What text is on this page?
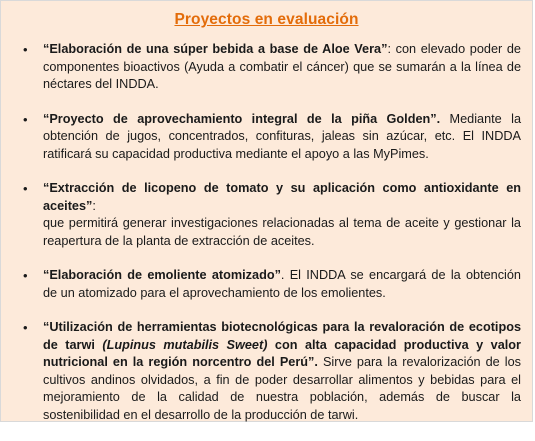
Proyectos en evaluación
• “Elaboración de una súper bebida a base de Aloe Vera”: con elevado poder de componentes bioactivos (Ayuda a combatir el cáncer) que se sumarán a la línea de néctares del INDDA.
• “Proyecto de aprovechamiento integral de la piña Golden”. Mediante la obtención de jugos, concentrados, confituras, jaleas sin azúcar, etc. El INDDA ratificará su capacidad productiva mediante el apoyo a las MyPimes.
• “Extracción de licopeno de tomato y su aplicación como antioxidante en aceites”:
que permitirá generar investigaciones relacionadas al tema de aceite y gestionar la reapertura de la planta de extracción de aceites.
• “Elaboración de emoliente atomizado”. El INDDA se encargará de la obtención de un atomizado para el aprovechamiento de los emolientes.
• “Utilización de herramientas biotecnológicas para la revaloración de ecotipos de tarwi (Lupinus mutabilis Sweet) con alta capacidad productiva y valor nutricional en la región norcentro del Perú”. Sirve para la revalorización de los cultivos andinos olvidados, a fin de poder desarrollar alimentos y bebidas para el mejoramiento de la calidad de nuestra población, además de buscar la sostenibilidad en el desarrollo de la producción de tarwi.
